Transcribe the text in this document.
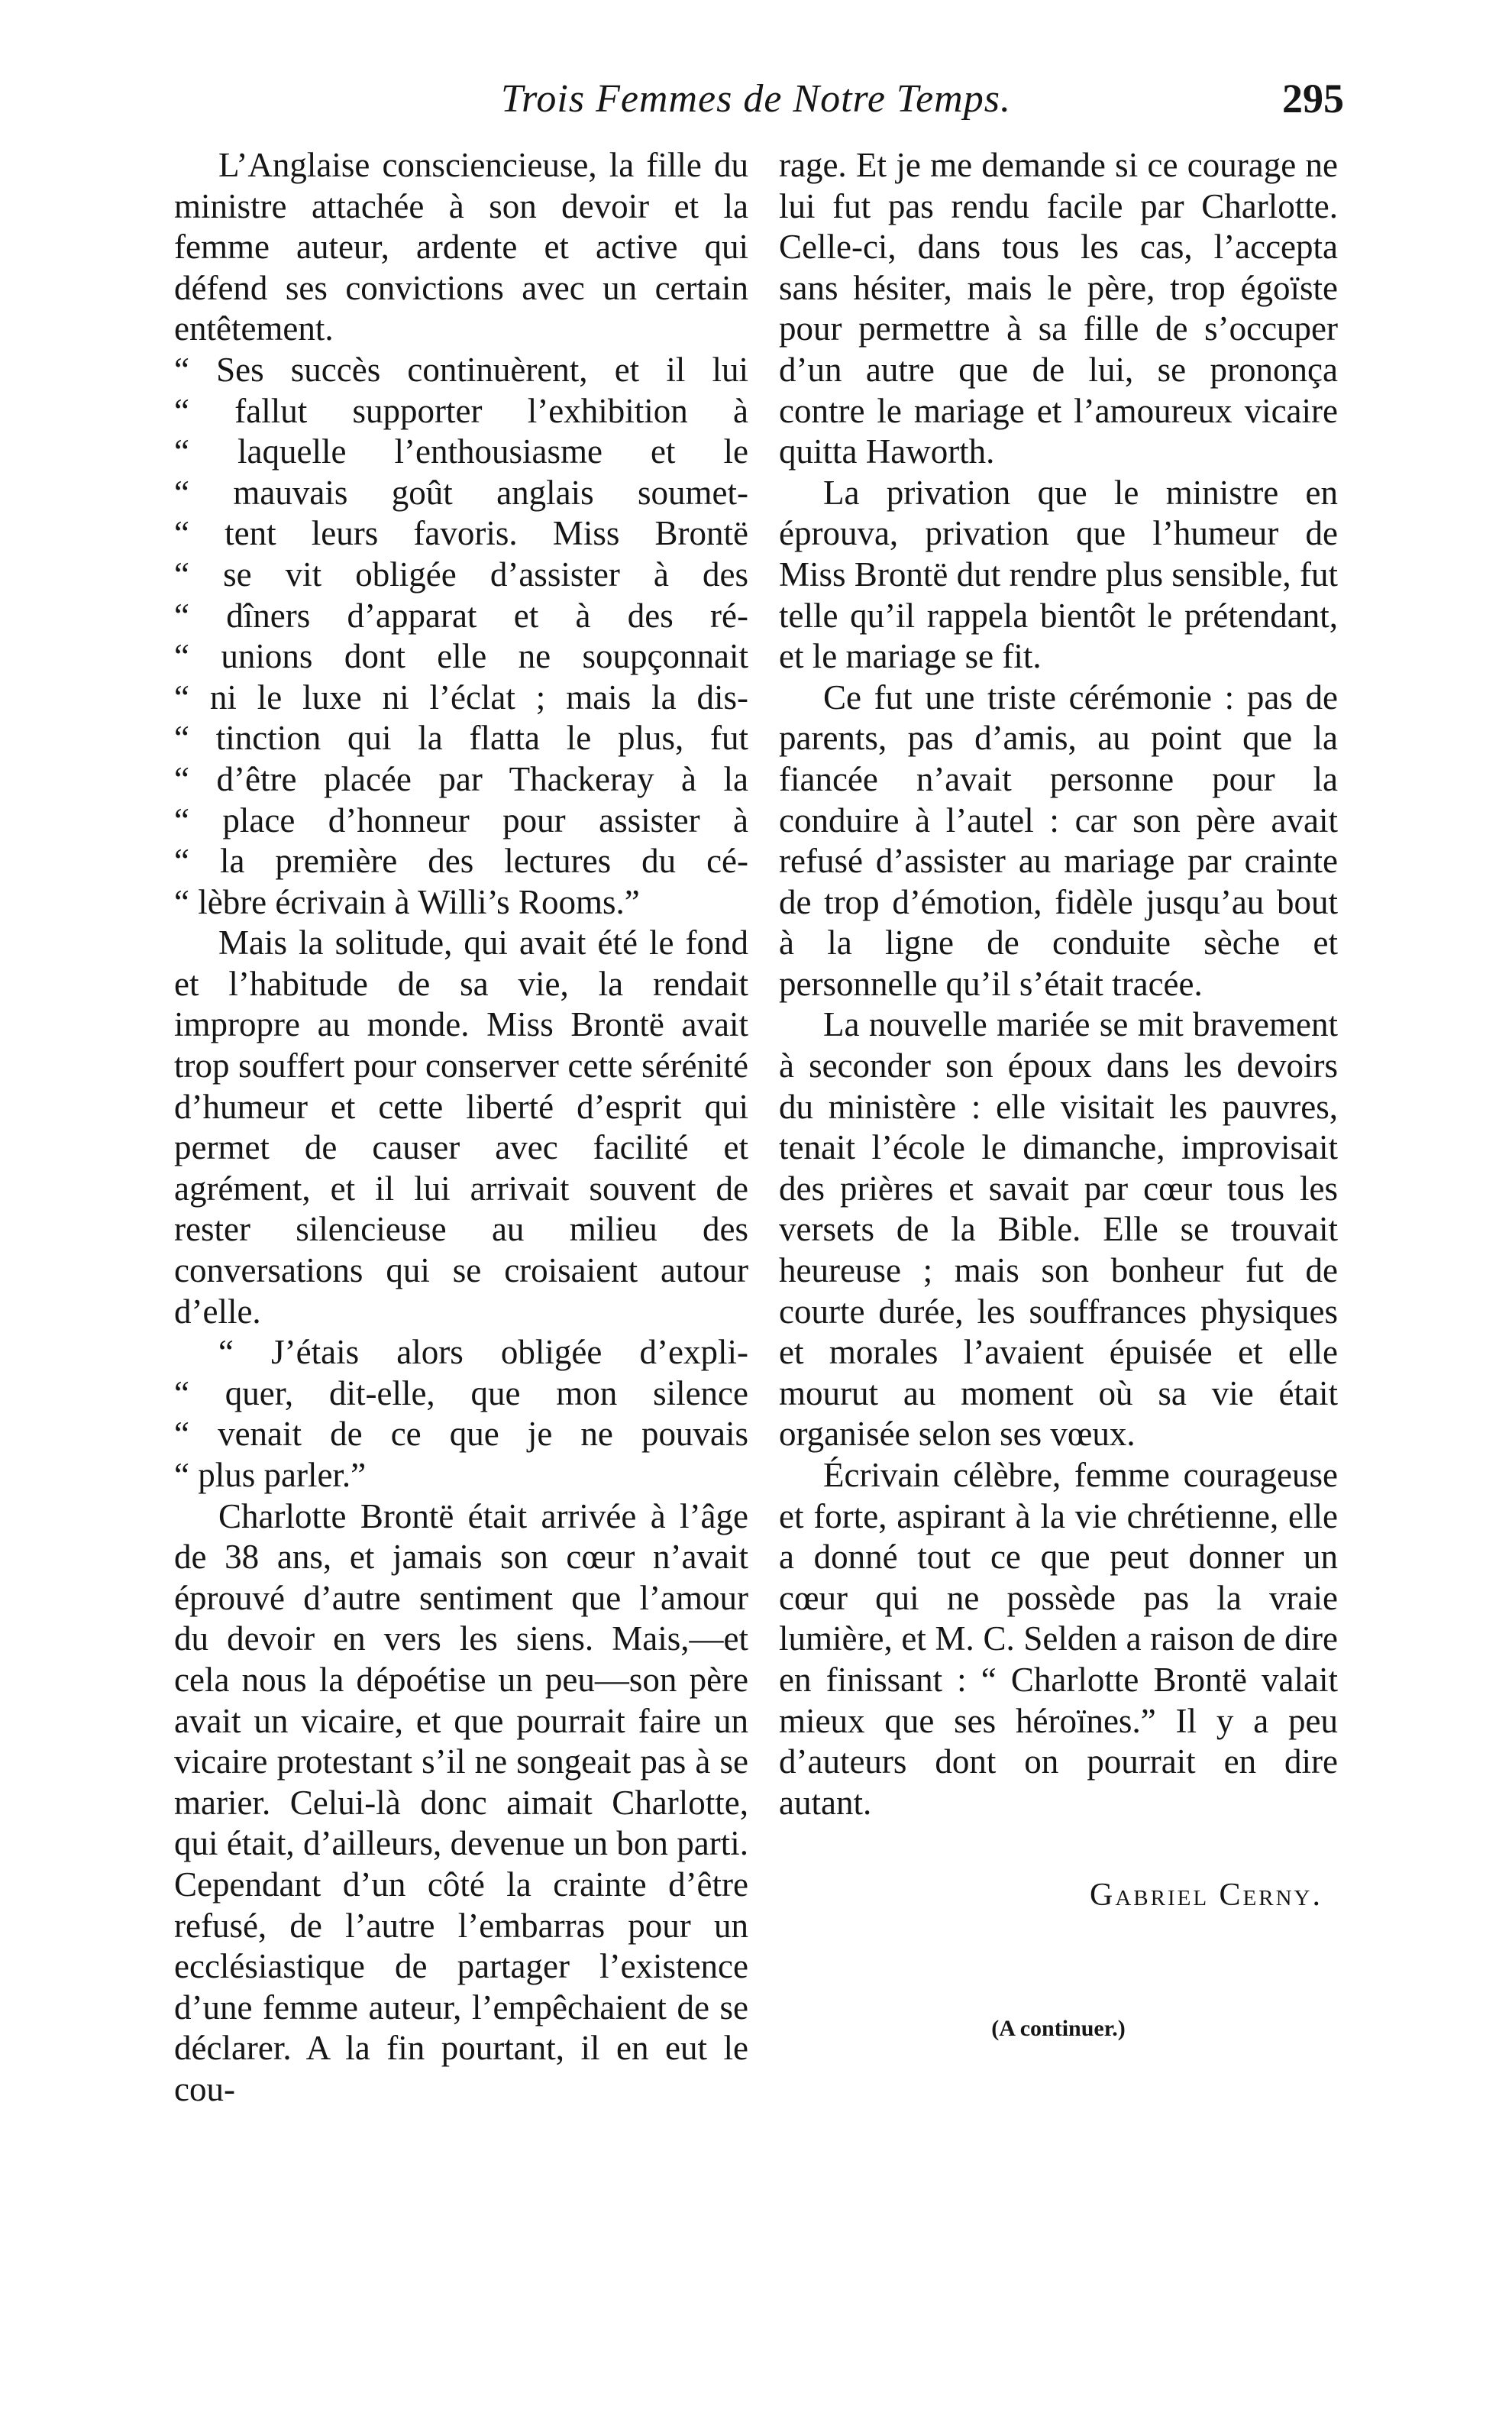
Trois Femmes de Notre Temps.	295

L’Anglaise consciencieuse, la fille du ministre attachée à son devoir et la femme auteur, ardente et active qui défend ses convictions avec un certain entêtement.

“ Ses succès continuèrent, et il lui
“ fallut supporter l’exhibition à
“ laquelle l’enthousiasme et le
“ mauvais goût anglais soumet-
“ tent leurs favoris. Miss Brontë
“ se vit obligée d’assister à des
“ dîners d’apparat et à des ré-
“ unions dont elle ne soupçonnait
“ ni le luxe ni l’éclat ; mais la dis-
“ tinction qui la flatta le plus, fut
“ d’être placée par Thackeray à la
“ place d’honneur pour assister à
“ la première des lectures du cé-
“ lèbre écrivain à Willi’s Rooms.”

Mais la solitude, qui avait été le fond et l’habitude de sa vie, la rendait impropre au monde. Miss Brontë avait trop souffert pour conserver cette sérénité d’humeur et cette liberté d’esprit qui permet de causer avec facilité et agrément, et il lui arrivait souvent de rester silencieuse au milieu des conversations qui se croisaient autour d’elle.

“ J’étais alors obligée d’expli-
“ quer, dit-elle, que mon silence
“ venait de ce que je ne pouvais
“ plus parler.”

Charlotte Brontë était arrivée à l’âge de 38 ans, et jamais son cœur n’avait éprouvé d’autre sentiment que l’amour du devoir en vers les siens. Mais,—et cela nous la dépoétise un peu—son père avait un vicaire, et que pourrait faire un vicaire protestant s’il ne songeait pas à se marier. Celui-là donc aimait Charlotte, qui était, d’ailleurs, devenue un bon parti. Cependant d’un côté la crainte d’être refusé, de l’autre l’embarras pour un ecclésiastique de partager l’existence d’une femme auteur, l’empêchaient de se déclarer. A la fin pourtant, il en eut le cou-

rage. Et je me demande si ce courage ne lui fut pas rendu facile par Charlotte. Celle-ci, dans tous les cas, l’accepta sans hésiter, mais le père, trop égoïste pour permettre à sa fille de s’occuper d’un autre que de lui, se prononça contre le mariage et l’amoureux vicaire quitta Haworth.

La privation que le ministre en éprouva, privation que l’humeur de Miss Brontë dut rendre plus sensible, fut telle qu’il rappela bientôt le prétendant, et le mariage se fit.

Ce fut une triste cérémonie : pas de parents, pas d’amis, au point que la fiancée n’avait personne pour la conduire à l’autel : car son père avait refusé d’assister au mariage par crainte de trop d’émotion, fidèle jusqu’au bout à la ligne de conduite sèche et personnelle qu’il s’était tracée.

La nouvelle mariée se mit bravement à seconder son époux dans les devoirs du ministère : elle visitait les pauvres, tenait l’école le dimanche, improvisait des prières et savait par cœur tous les versets de la Bible. Elle se trouvait heureuse ; mais son bonheur fut de courte durée, les souffrances physiques et morales l’avaient épuisée et elle mourut au moment où sa vie était organisée selon ses vœux.

Écrivain célèbre, femme courageuse et forte, aspirant à la vie chrétienne, elle a donné tout ce que peut donner un cœur qui ne possède pas la vraie lumière, et M. C. Selden a raison de dire en finissant : “ Charlotte Brontë valait mieux que ses héroïnes.” Il y a peu d’auteurs dont on pourrait en dire autant.

Gabriel Cerny.
(A continuer.)
